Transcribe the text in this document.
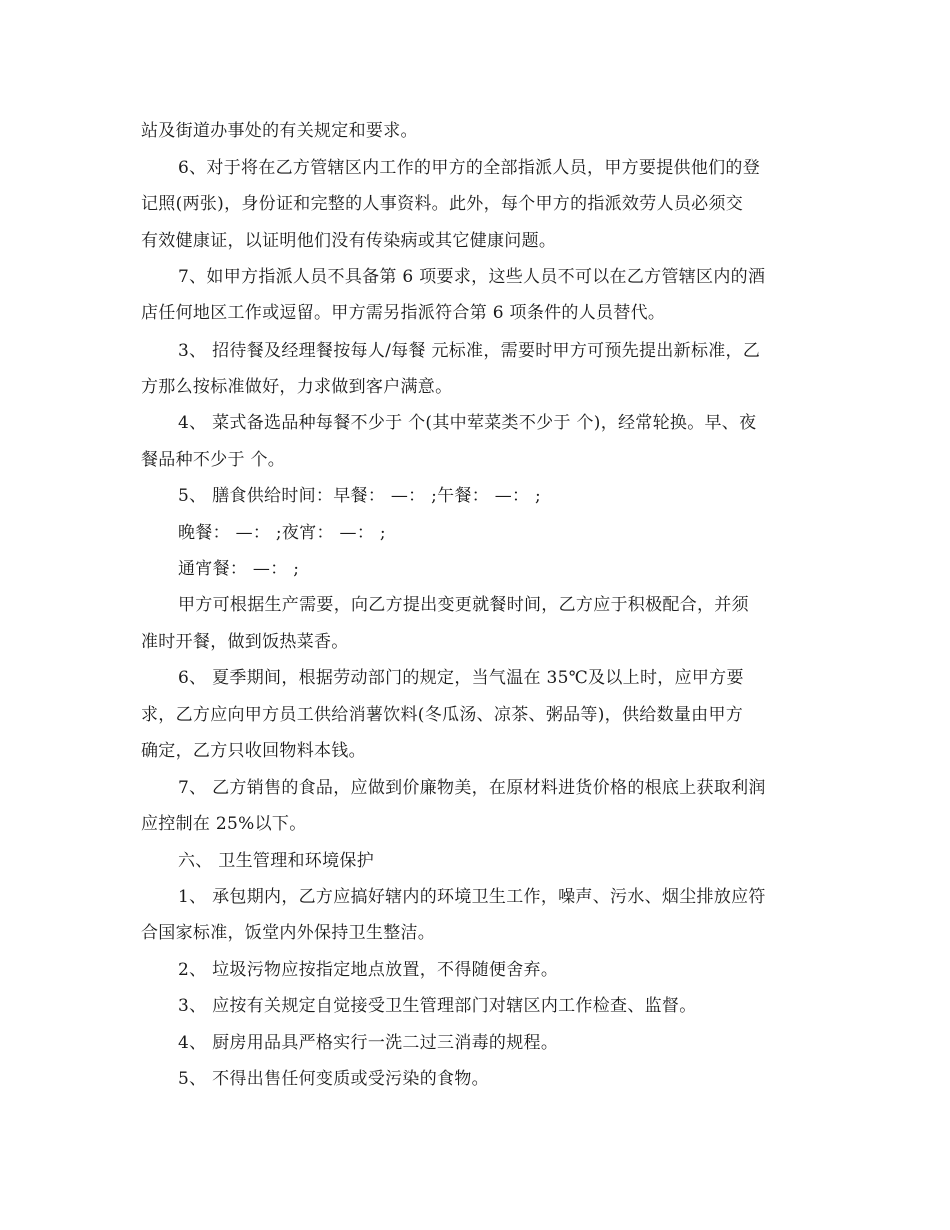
站及街道办事处的有关规定和要求。
6、对于将在乙方管辖区内工作的甲方的全部指派人员，甲方要提供他们的登
记照(两张)，身份证和完整的人事资料。此外，每个甲方的指派效劳人员必须交
有效健康证，以证明他们没有传染病或其它健康问题。
7、如甲方指派人员不具备第 6 项要求，这些人员不可以在乙方管辖区内的酒
店任何地区工作或逗留。甲方需另指派符合第 6 项条件的人员替代。
3、 招待餐及经理餐按每人/每餐 元标准，需要时甲方可预先提出新标准，乙
方那么按标准做好，力求做到客户满意。
4、 菜式备选品种每餐不少于 个(其中荤菜类不少于 个)，经常轮换。早、夜
餐品种不少于 个。
5、 膳食供给时间：早餐： —： ;午餐： —： ;
晚餐： —： ;夜宵： —： ;
通宵餐： —： ;
甲方可根据生产需要，向乙方提出变更就餐时间，乙方应于积极配合，并须
准时开餐，做到饭热菜香。
6、 夏季期间，根据劳动部门的规定，当气温在 35℃及以上时，应甲方要
求，乙方应向甲方员工供给消薯饮料(冬瓜汤、凉茶、粥品等)，供给数量由甲方
确定，乙方只收回物料本钱。
7、 乙方销售的食品，应做到价廉物美，在原材料进货价格的根底上获取利润
应控制在 25%以下。
六、 卫生管理和环境保护
1、 承包期内，乙方应搞好辖内的环境卫生工作，噪声、污水、烟尘排放应符
合国家标准，饭堂内外保持卫生整洁。
2、 垃圾污物应按指定地点放置，不得随便舍弃。
3、 应按有关规定自觉接受卫生管理部门对辖区内工作检查、监督。
4、 厨房用品具严格实行一洗二过三消毒的规程。
5、 不得出售任何变质或受污染的食物。
